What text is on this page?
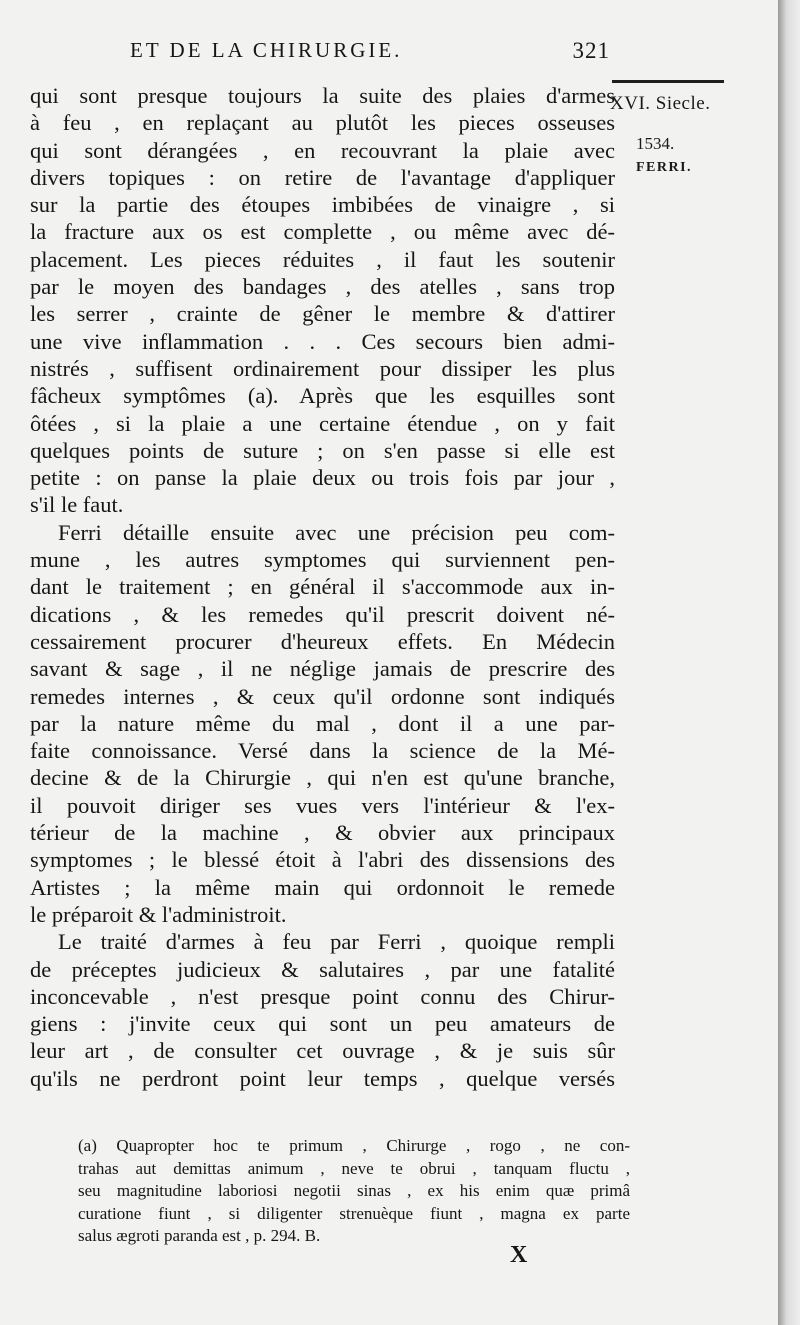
ET DE LA CHIRURGIE.	321
XVI. Siecle.
1534.
FERRI.
qui sont presque toujours la suite des plaies d'armes
à feu , en replaçant au plutôt les pieces osseuses
qui sont dérangées , en recouvrant la plaie avec
divers topiques : on retire de l'avantage d'appliquer
sur la partie des étoupes imbibées de vinaigre , si
la fracture aux os est complette , ou même avec dé-
placement. Les pieces réduites , il faut les soutenir
par le moyen des bandages , des atelles , sans trop
les serrer , crainte de gêner le membre & d'attirer
une vive inflammation . . . Ces secours bien admi-
nistrés , suffisent ordinairement pour dissiper les plus
fâcheux symptômes (a). Après que les esquilles sont
ôtées , si la plaie a une certaine étendue , on y fait
quelques points de suture ; on s'en passe si elle est
petite : on panse la plaie deux ou trois fois par jour ,
s'il le faut.
Ferri détaille ensuite avec une précision peu com-
mune , les autres symptomes qui surviennent pen-
dant le traitement ; en général il s'accommode aux in-
dications , & les remedes qu'il prescrit doivent né-
cessairement procurer d'heureux effets. En Médecin
savant & sage , il ne néglige jamais de prescrire des
remedes internes , & ceux qu'il ordonne sont indiqués
par la nature même du mal , dont il a une par-
faite connoissance. Versé dans la science de la Mé-
decine & de la Chirurgie , qui n'en est qu'une branche,
il pouvoit diriger ses vues vers l'intérieur & l'ex-
térieur de la machine , & obvier aux principaux
symptomes ; le blessé étoit à l'abri des dissensions des
Artistes ; la même main qui ordonnoit le remede
le préparoit & l'administroit.
Le traité d'armes à feu par Ferri , quoique rempli
de préceptes judicieux & salutaires , par une fatalité
inconcevable , n'est presque point connu des Chirur-
giens : j'invite ceux qui sont un peu amateurs de
leur art , de consulter cet ouvrage , & je suis sûr
qu'ils ne perdront point leur temps , quelque versés
(a) Quapropter hoc te primum , Chirurge , rogo , ne con-
trahas aut demittas animum , neve te obrui , tanquam fluctu ,
seu magnitudine laboriosi negotii sinas , ex his enim quæ primâ
curatione fiunt , si diligenter strenuèque fiunt , magna ex parte
salus ægroti paranda est , p. 294. B.
X
